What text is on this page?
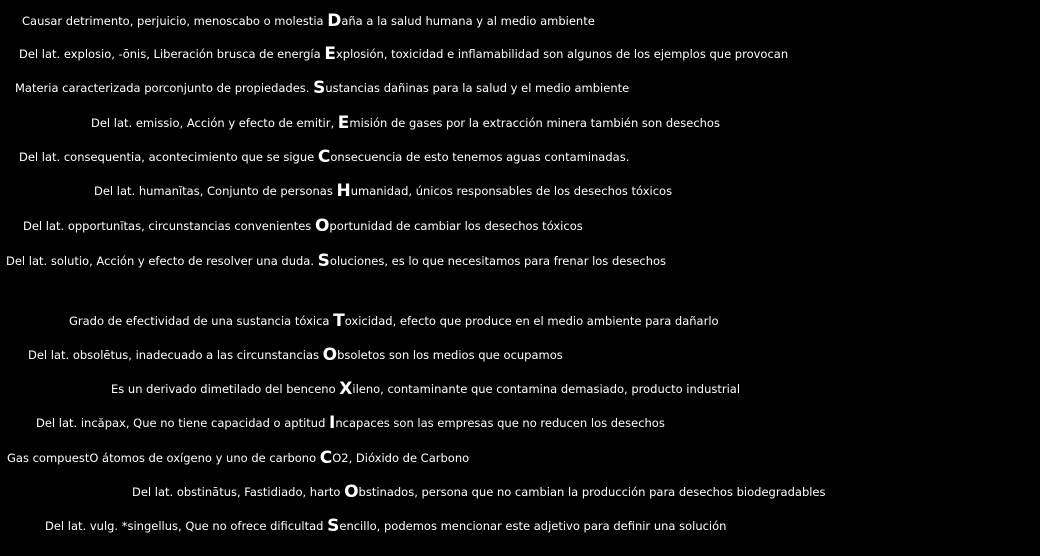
Causar detrimento, perjuicio, menoscabo o molestia Daña a la salud humana y al medio ambiente
Del lat. explosio, -ōnis, Liberación brusca de energía Explosión, toxicidad e inflamabilidad son algunos de los ejemplos que provocan
Materia caracterizada porconjunto de propiedades. Sustancias dañinas para la salud y el medio ambiente
Del lat. emissio, Acción y efecto de emitir, Emisión de gases por la extracción minera también son desechos
Del lat. consequentia, acontecimiento que se sigue Consecuencia de esto tenemos aguas contaminadas.
Del lat. humanĭtas, Conjunto de personas Humanidad, únicos responsables de los desechos tóxicos
Del lat. opportunĭtas, circunstancias convenientes Oportunidad de cambiar los desechos tóxicos
Del lat. solutio, Acción y efecto de resolver una duda. Soluciones, es lo que necesitamos para frenar los desechos
Grado de efectividad de una sustancia tóxica Toxicidad, efecto que produce en el medio ambiente para dañarlo
Del lat. obsolētus, inadecuado a las circunstancias Obsoletos son los medios que ocupamos
Es un derivado dimetilado del benceno Xileno, contaminante que contamina demasiado, producto industrial
Del lat. incăpax, Que no tiene capacidad o aptitud Incapaces son las empresas que no reducen los desechos
Gas compuestO átomos de oxígeno y uno de carbono CO2, Dióxido de Carbono
Del lat. obstinātus, Fastidiado, harto Obstinados, persona que no cambian la producción para desechos biodegradables
Del lat. vulg. *singellus, Que no ofrece dificultad Sencillo, podemos mencionar este adjetivo para definir una solución
